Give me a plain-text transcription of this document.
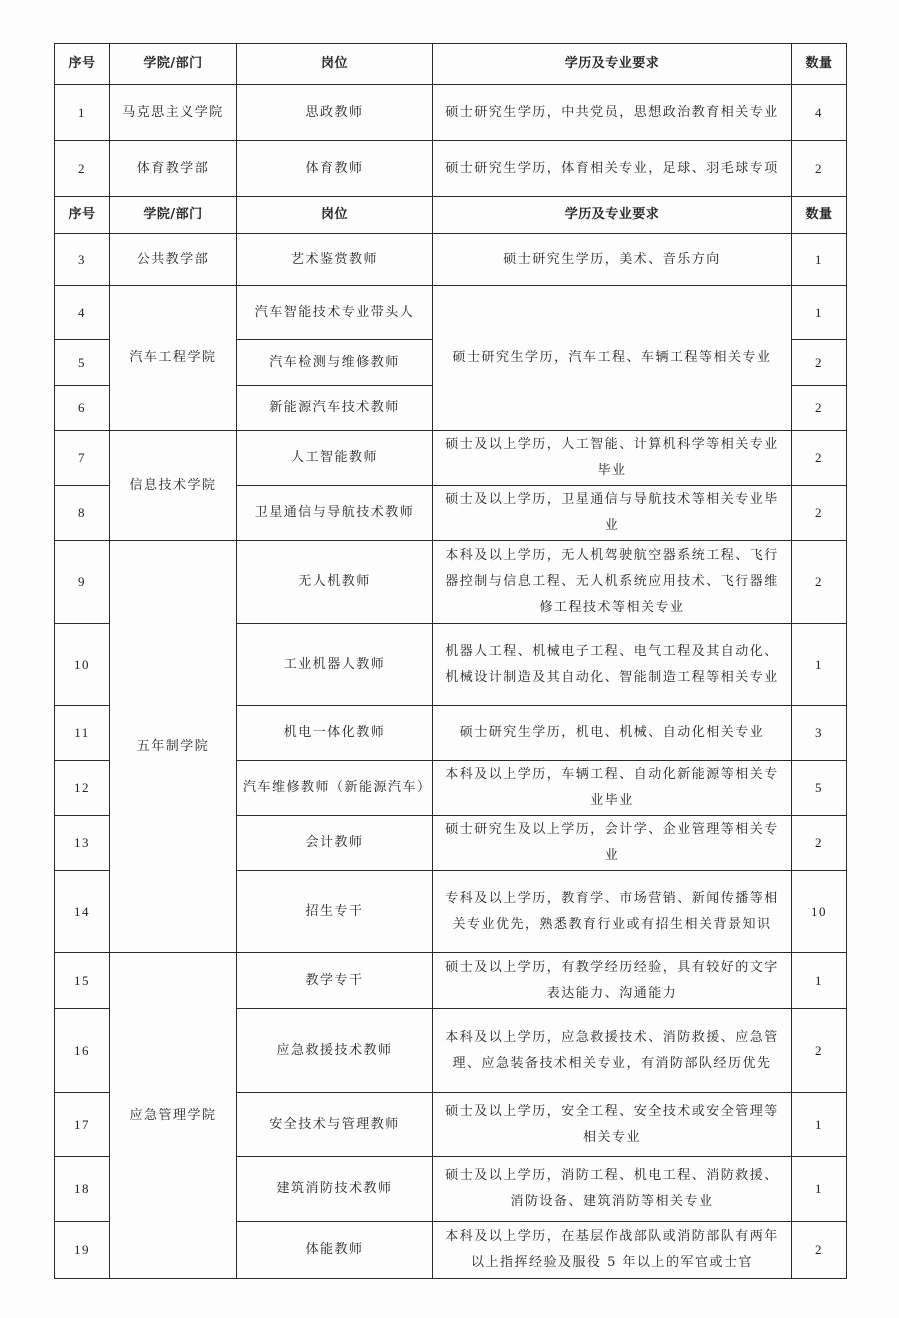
序号	学院/部门	岗位	学历及专业要求	数量
1	马克思主义学院	思政教师	硕士研究生学历，中共党员，思想政治教育相关专业	4
2	体育教学部	体育教师	硕士研究生学历，体育相关专业，足球、羽毛球专项	2
序号	学院/部门	岗位	学历及专业要求	数量
3	公共教学部	艺术鉴赏教师	硕士研究生学历，美术、音乐方向	1
4	汽车工程学院	汽车智能技术专业带头人	硕士研究生学历，汽车工程、车辆工程等相关专业	1
5		汽车检测与维修教师		2
6		新能源汽车技术教师		2
7	信息技术学院	人工智能教师	硕士及以上学历，人工智能、计算机科学等相关专业毕业	2
8		卫星通信与导航技术教师	硕士及以上学历，卫星通信与导航技术等相关专业毕业	2
9	五年制学院	无人机教师	本科及以上学历，无人机驾驶航空器系统工程、飞行器控制与信息工程、无人机系统应用技术、飞行器维修工程技术等相关专业	2
10		工业机器人教师	机器人工程、机械电子工程、电气工程及其自动化、机械设计制造及其自动化、智能制造工程等相关专业	1
11		机电一体化教师	硕士研究生学历，机电、机械、自动化相关专业	3
12		汽车维修教师（新能源汽车）	本科及以上学历，车辆工程、自动化新能源等相关专业毕业	5
13		会计教师	硕士研究生及以上学历，会计学、企业管理等相关专业	2
14		招生专干	专科及以上学历，教育学、市场营销、新闻传播等相关专业优先，熟悉教育行业或有招生相关背景知识	10
15	应急管理学院	教学专干	硕士及以上学历，有教学经历经验，具有较好的文字表达能力、沟通能力	1
16		应急救援技术教师	本科及以上学历，应急救援技术、消防救援、应急管理、应急装备技术相关专业，有消防部队经历优先	2
17		安全技术与管理教师	硕士及以上学历，安全工程、安全技术或安全管理等相关专业	1
18		建筑消防技术教师	硕士及以上学历，消防工程、机电工程、消防救援、消防设备、建筑消防等相关专业	1
19		体能教师	本科及以上学历，在基层作战部队或消防部队有两年以上指挥经验及服役 5 年以上的军官或士官	2
